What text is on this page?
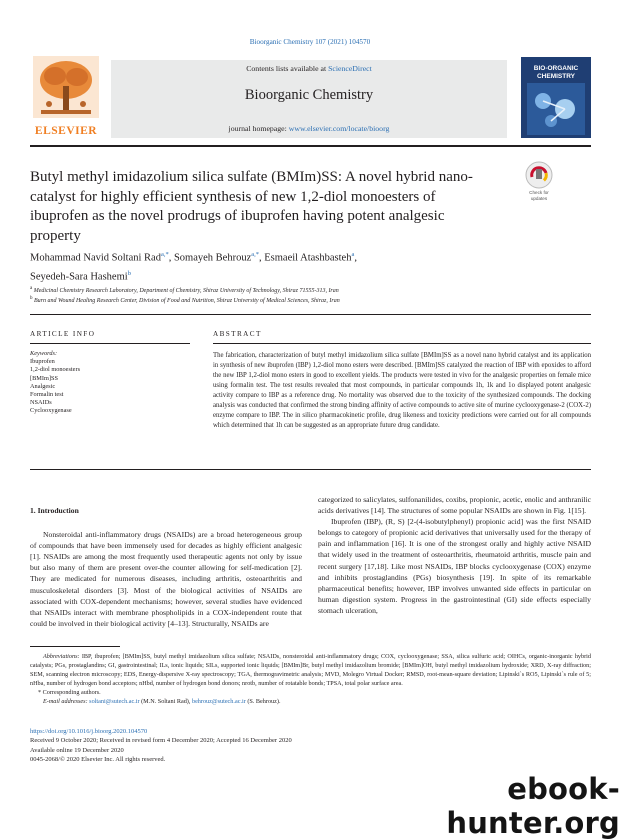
Bioorganic Chemistry 107 (2021) 104570
ELSEVIER
Contents lists available at ScienceDirect
Bioorganic Chemistry
journal homepage: www.elsevier.com/locate/bioorg
BIO-ORGANIC
CHEMISTRY
Butyl methyl imidazolium silica sulfate (BMIm)SS: A novel hybrid nano-catalyst for highly efficient synthesis of new 1,2-diol monoesters of ibuprofen as the novel prodrugs of ibuprofen having potent analgesic property
Check for
updates
Mohammad Navid Soltani Rad$^{a,*}$, Somayeh Behrouz$^{a,*}$, Esmaeil Atashbasteh$^a$,
Seyedeh-Sara Hashemi$^b$
$^a$ Medicinal Chemistry Research Laboratory, Department of Chemistry, Shiraz University of Technology, Shiraz 71555-313, Iran
$^b$ Burn and Wound Healing Research Center, Division of Food and Nutrition, Shiraz University of Medical Sciences, Shiraz, Iran
ARTICLE INFO	ABSTRACT
Keywords:
Ibuprofen
1,2-diol monoesters
[BMIm]SS
Analgesic
Formalin test
NSAIDs
Cyclooxygenase
The fabrication, characterization of butyl methyl imidazolium silica sulfate [BMIm]SS as a novel nano hybrid catalyst and its application in synthesis of new ibuprofen (IBP) 1,2-diol mono esters were described. [BMIm]SS catalyzed the reaction of IBP with epoxides to afford the new IBP 1,2-diol mono esters in good to excellent yields. The products were tested in vivo for the analgesic properties on female mice using formalin test. The test results revealed that most compounds, in particular compounds 1h, 1k and 1o displayed potent analgesic activity compare to IBP as a reference drug. No mortality was observed due to the toxicity of the synthesized compounds. The docking analysis was conducted that confirmed the strong binding affinity of active compounds to active site of murine cyclooxygenase-2 (COX-2) enzyme compare to IBP. The in silico pharmacokinetic profile, drug likeness and toxicity predictions were carried out for all compounds which determined that 1h can be suggested as an appropriate future drug candidate.
1. Introduction

Nonsteroidal anti-inflammatory drugs (NSAIDs) are a broad heterogeneous group of compounds that have been immensely used for decades as highly efficient analgesic [1]. NSAIDs are among the most frequently used therapeutic agents not only by issue but also many of them are present over-the counter allowing for self-medication [2]. They are medicated for numerous diseases, including arthritis, osteoarthritis and musculoskeletal disorders [3]. Most of the biological activities of NSAIDs are associated with COX-dependent mechanisms; however, several studies have evidenced that NSAIDs interact with membrane phospholipids in a COX-independent route that could be involved in their biological activity [4–13]. Structurally, NSAIDs are

categorized to salicylates, sulfonanilides, coxibs, propionic, acetic, enolic and anthranilic acids derivatives [14]. The structures of some popular NSAIDs are shown in Fig. 1[15].

Ibuprofen (IBP), (R, S) [2-(4-isobutylphenyl) propionic acid] was the first NSAID belongs to category of propionic acid derivatives that universally used for the therapy of pain and inflammation [16]. It is one of the strongest orally and highly active NSAID that widely used in the treatment of osteoarthritis, rheumatoid arthritis, muscle pain and recent surgery [17,18]. Like most NSAIDs, IBP blocks cyclooxygenase (COX) enzyme and inhibits prostaglandins (PGs) biosynthesis [19]. In spite of its remarkable pharmaceutical benefits; however, IBP involves unwanted side effects in particular on human digestion system. Progress in the gastrointestinal (GI) side effects especially stomach ulceration,

Abbreviations: IBP, ibuprofen; [BMIm]SS, butyl methyl imidazolium silica sulfate; NSAIDs, nonsteroidal anti-inflammatory drugs; COX, cyclooxygenase; SSA, silica sulfuric acid; OIHCs, organic-inorganic hybrid catalysts; PGs, prostaglandins; GI, gastrointestinal; ILs, ionic liquids; SILs, supported ionic liquids; [BMIm]Br, butyl methyl imidazolium bromide; [BMIm]OH, butyl methyl imidazolium hydroxide; XRD, X-ray diffraction; SEM, scanning electron microscopy; EDS, Energy-dispersive X-ray spectroscopy; TGA, thermogravimetric analysis; MVD, Molegro Virtual Docker; RMSD, root-mean-square deviation; Lipinski`s RO5, Lipinski`s rule of 5; nHba, number of hydrogen bond acceptors; nHbd, number of hydrogen bond donors; nrotb, number of rotatable bonds; TPSA, total polar surface area.

* Corresponding authors.

E-mail addresses: soltani@sutech.ac.ir (M.N. Soltani Rad), behrouz@sutech.ac.ir (S. Behrouz).

https://doi.org/10.1016/j.bioorg.2020.104570
Received 9 October 2020; Received in revised form 4 December 2020; Accepted 16 December 2020
Available online 19 December 2020
0045-2068/© 2020 Elsevier Inc. All rights reserved.
ebook-hunter.org
